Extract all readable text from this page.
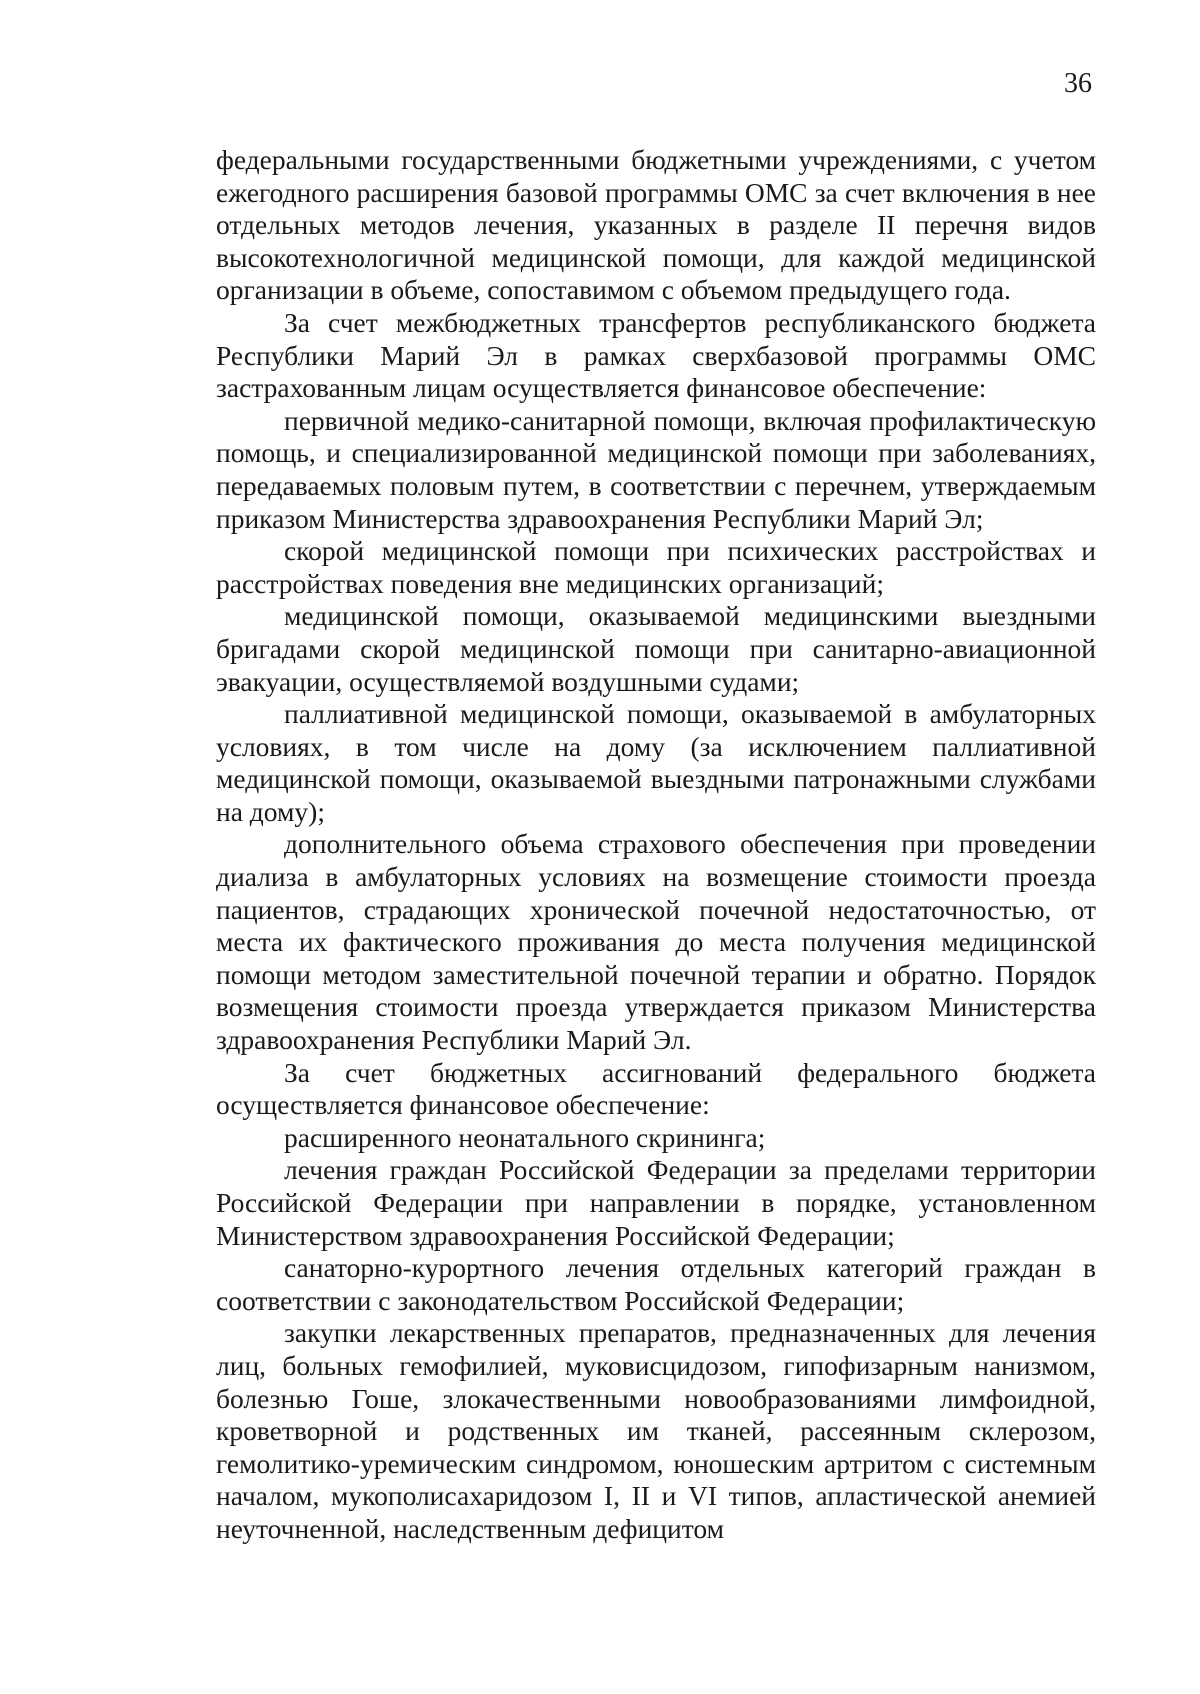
36

федеральными государственными бюджетными учреждениями, с учетом ежегодного расширения базовой программы ОМС за счет включения в нее отдельных методов лечения, указанных в разделе II перечня видов высокотехнологичной медицинской помощи, для каждой медицинской организации в объеме, сопоставимом с объемом предыдущего года.

За счет межбюджетных трансфертов республиканского бюджета Республики Марий Эл в рамках сверхбазовой программы ОМС застрахованным лицам осуществляется финансовое обеспечение:

первичной медико-санитарной помощи, включая профилактическую помощь, и специализированной медицинской помощи при заболеваниях, передаваемых половым путем, в соответствии с перечнем, утверждаемым приказом Министерства здравоохранения Республики Марий Эл;

скорой медицинской помощи при психических расстройствах и расстройствах поведения вне медицинских организаций;

медицинской помощи, оказываемой медицинскими выездными бригадами скорой медицинской помощи при санитарно-авиационной эвакуации, осуществляемой воздушными судами;

паллиативной медицинской помощи, оказываемой в амбулаторных условиях, в том числе на дому (за исключением паллиативной медицинской помощи, оказываемой выездными патронажными службами на дому);

дополнительного объема страхового обеспечения при проведении диализа в амбулаторных условиях на возмещение стоимости проезда пациентов, страдающих хронической почечной недостаточностью, от места их фактического проживания до места получения медицинской помощи методом заместительной почечной терапии и обратно. Порядок возмещения стоимости проезда утверждается приказом Министерства здравоохранения Республики Марий Эл.

За счет бюджетных ассигнований федерального бюджета осуществляется финансовое обеспечение:

расширенного неонатального скрининга;

лечения граждан Российской Федерации за пределами территории Российской Федерации при направлении в порядке, установленном Министерством здравоохранения Российской Федерации;

санаторно-курортного лечения отдельных категорий граждан в соответствии с законодательством Российской Федерации;

закупки лекарственных препаратов, предназначенных для лечения лиц, больных гемофилией, муковисцидозом, гипофизарным нанизмом, болезнью Гоше, злокачественными новообразованиями лимфоидной, кроветворной и родственных им тканей, рассеянным склерозом, гемолитико-уремическим синдромом, юношеским артритом с системным началом, мукополисахаридозом I, II и VI типов, апластической анемией неуточненной, наследственным дефицитом
